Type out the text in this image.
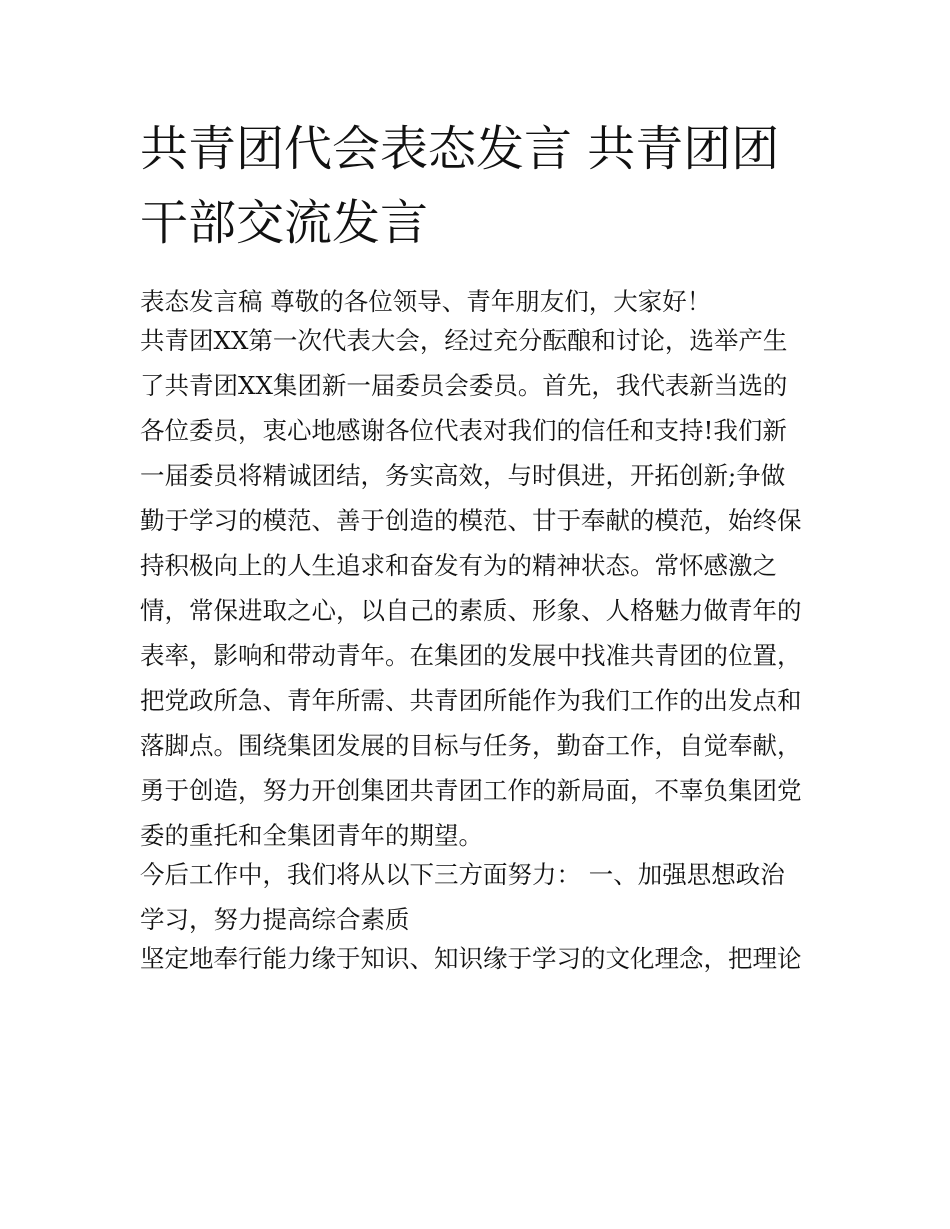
共青团代会表态发言 共青团团
干部交流发言
表态发言稿 尊敬的各位领导、青年朋友们，大家好！
共青团XX第一次代表大会，经过充分酝酿和讨论，选举产生
了共青团XX集团新一届委员会委员。首先，我代表新当选的
各位委员，衷心地感谢各位代表对我们的信任和支持!我们新
一届委员将精诚团结，务实高效，与时俱进，开拓创新;争做
勤于学习的模范、善于创造的模范、甘于奉献的模范，始终保
持积极向上的人生追求和奋发有为的精神状态。常怀感激之
情，常保进取之心，以自己的素质、形象、人格魅力做青年的
表率，影响和带动青年。在集团的发展中找准共青团的位置，
把党政所急、青年所需、共青团所能作为我们工作的出发点和
落脚点。围绕集团发展的目标与任务，勤奋工作，自觉奉献，
勇于创造，努力开创集团共青团工作的新局面，不辜负集团党
委的重托和全集团青年的期望。
今后工作中，我们将从以下三方面努力： 一、加强思想政治
学习，努力提高综合素质
坚定地奉行能力缘于知识、知识缘于学习的文化理念，把理论
